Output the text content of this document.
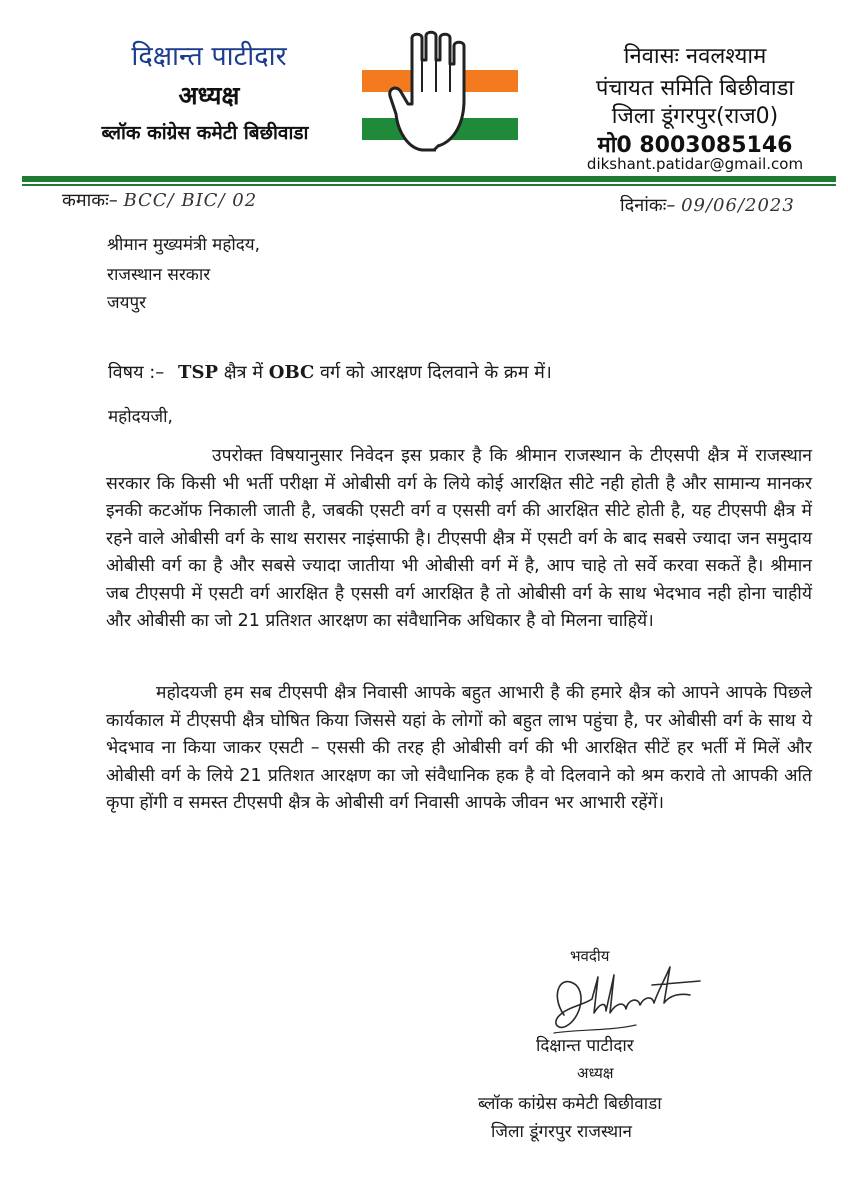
दिक्षान्त पाटीदार
अध्यक्ष
ब्लॉक कांग्रेस कमेटी बिछीवाडा
निवासः नवलश्याम
पंचायत समिति बिछीवाडा
जिला डूंगरपुर(राज0)
मो0 8003085146
dikshant.patidar@gmail.com
कमाकः– BCC/ BIC/ 02	दिनांकः– 09/06/2023
श्रीमान मुख्यमंत्री महोदय,
राजस्थान सरकार
जयपुर
विषय :– TSP क्षैत्र में OBC वर्ग को आरक्षण दिलवाने के क्रम में।
महोदयजी,
उपरोक्त विषयानुसार निवेदन इस प्रकार है कि श्रीमान राजस्थान के टीएसपी क्षैत्र में राजस्थान सरकार कि किसी भी भर्ती परीक्षा में ओबीसी वर्ग के लिये कोई आरक्षित सीटे नही होती है और सामान्य मानकर इनकी कटऑफ निकाली जाती है, जबकी एसटी वर्ग व एससी वर्ग की आरक्षित सीटे होती है, यह टीएसपी क्षैत्र में रहने वाले ओबीसी वर्ग के साथ सरासर नाइंसाफी है। टीएसपी क्षैत्र में एसटी वर्ग के बाद सबसे ज्यादा जन समुदाय ओबीसी वर्ग का है और सबसे ज्यादा जातीया भी ओबीसी वर्ग में है, आप चाहे तो सर्वे करवा सकतें है। श्रीमान जब टीएसपी में एसटी वर्ग आरक्षित है एससी वर्ग आरक्षित है तो ओबीसी वर्ग के साथ भेदभाव नही होना चाहीयें और ओबीसी का जो 21 प्रतिशत आरक्षण का संवैधानिक अधिकार है वो मिलना चाहियें।
महोदयजी हम सब टीएसपी क्षैत्र निवासी आपके बहुत आभारी है की हमारे क्षैत्र को आपने आपके पिछले कार्यकाल में टीएसपी क्षैत्र घोषित किया जिससे यहां के लोगों को बहुत लाभ पहुंचा है, पर ओबीसी वर्ग के साथ ये भेदभाव ना किया जाकर एसटी – एससी की तरह ही ओबीसी वर्ग की भी आरक्षित सीटें हर भर्ती में मिलें और ओबीसी वर्ग के लिये 21 प्रतिशत आरक्षण का जो संवैधानिक हक है वो दिलवाने को श्रम करावे तो आपकी अति कृपा होंगी व समस्त टीएसपी क्षैत्र के ओबीसी वर्ग निवासी आपके जीवन भर आभारी रहेंगें।
भवदीय
दिक्षान्त पाटीदार
अध्यक्ष
ब्लॉक कांग्रेस कमेटी बिछीवाडा
जिला डूंगरपुर राजस्थान
